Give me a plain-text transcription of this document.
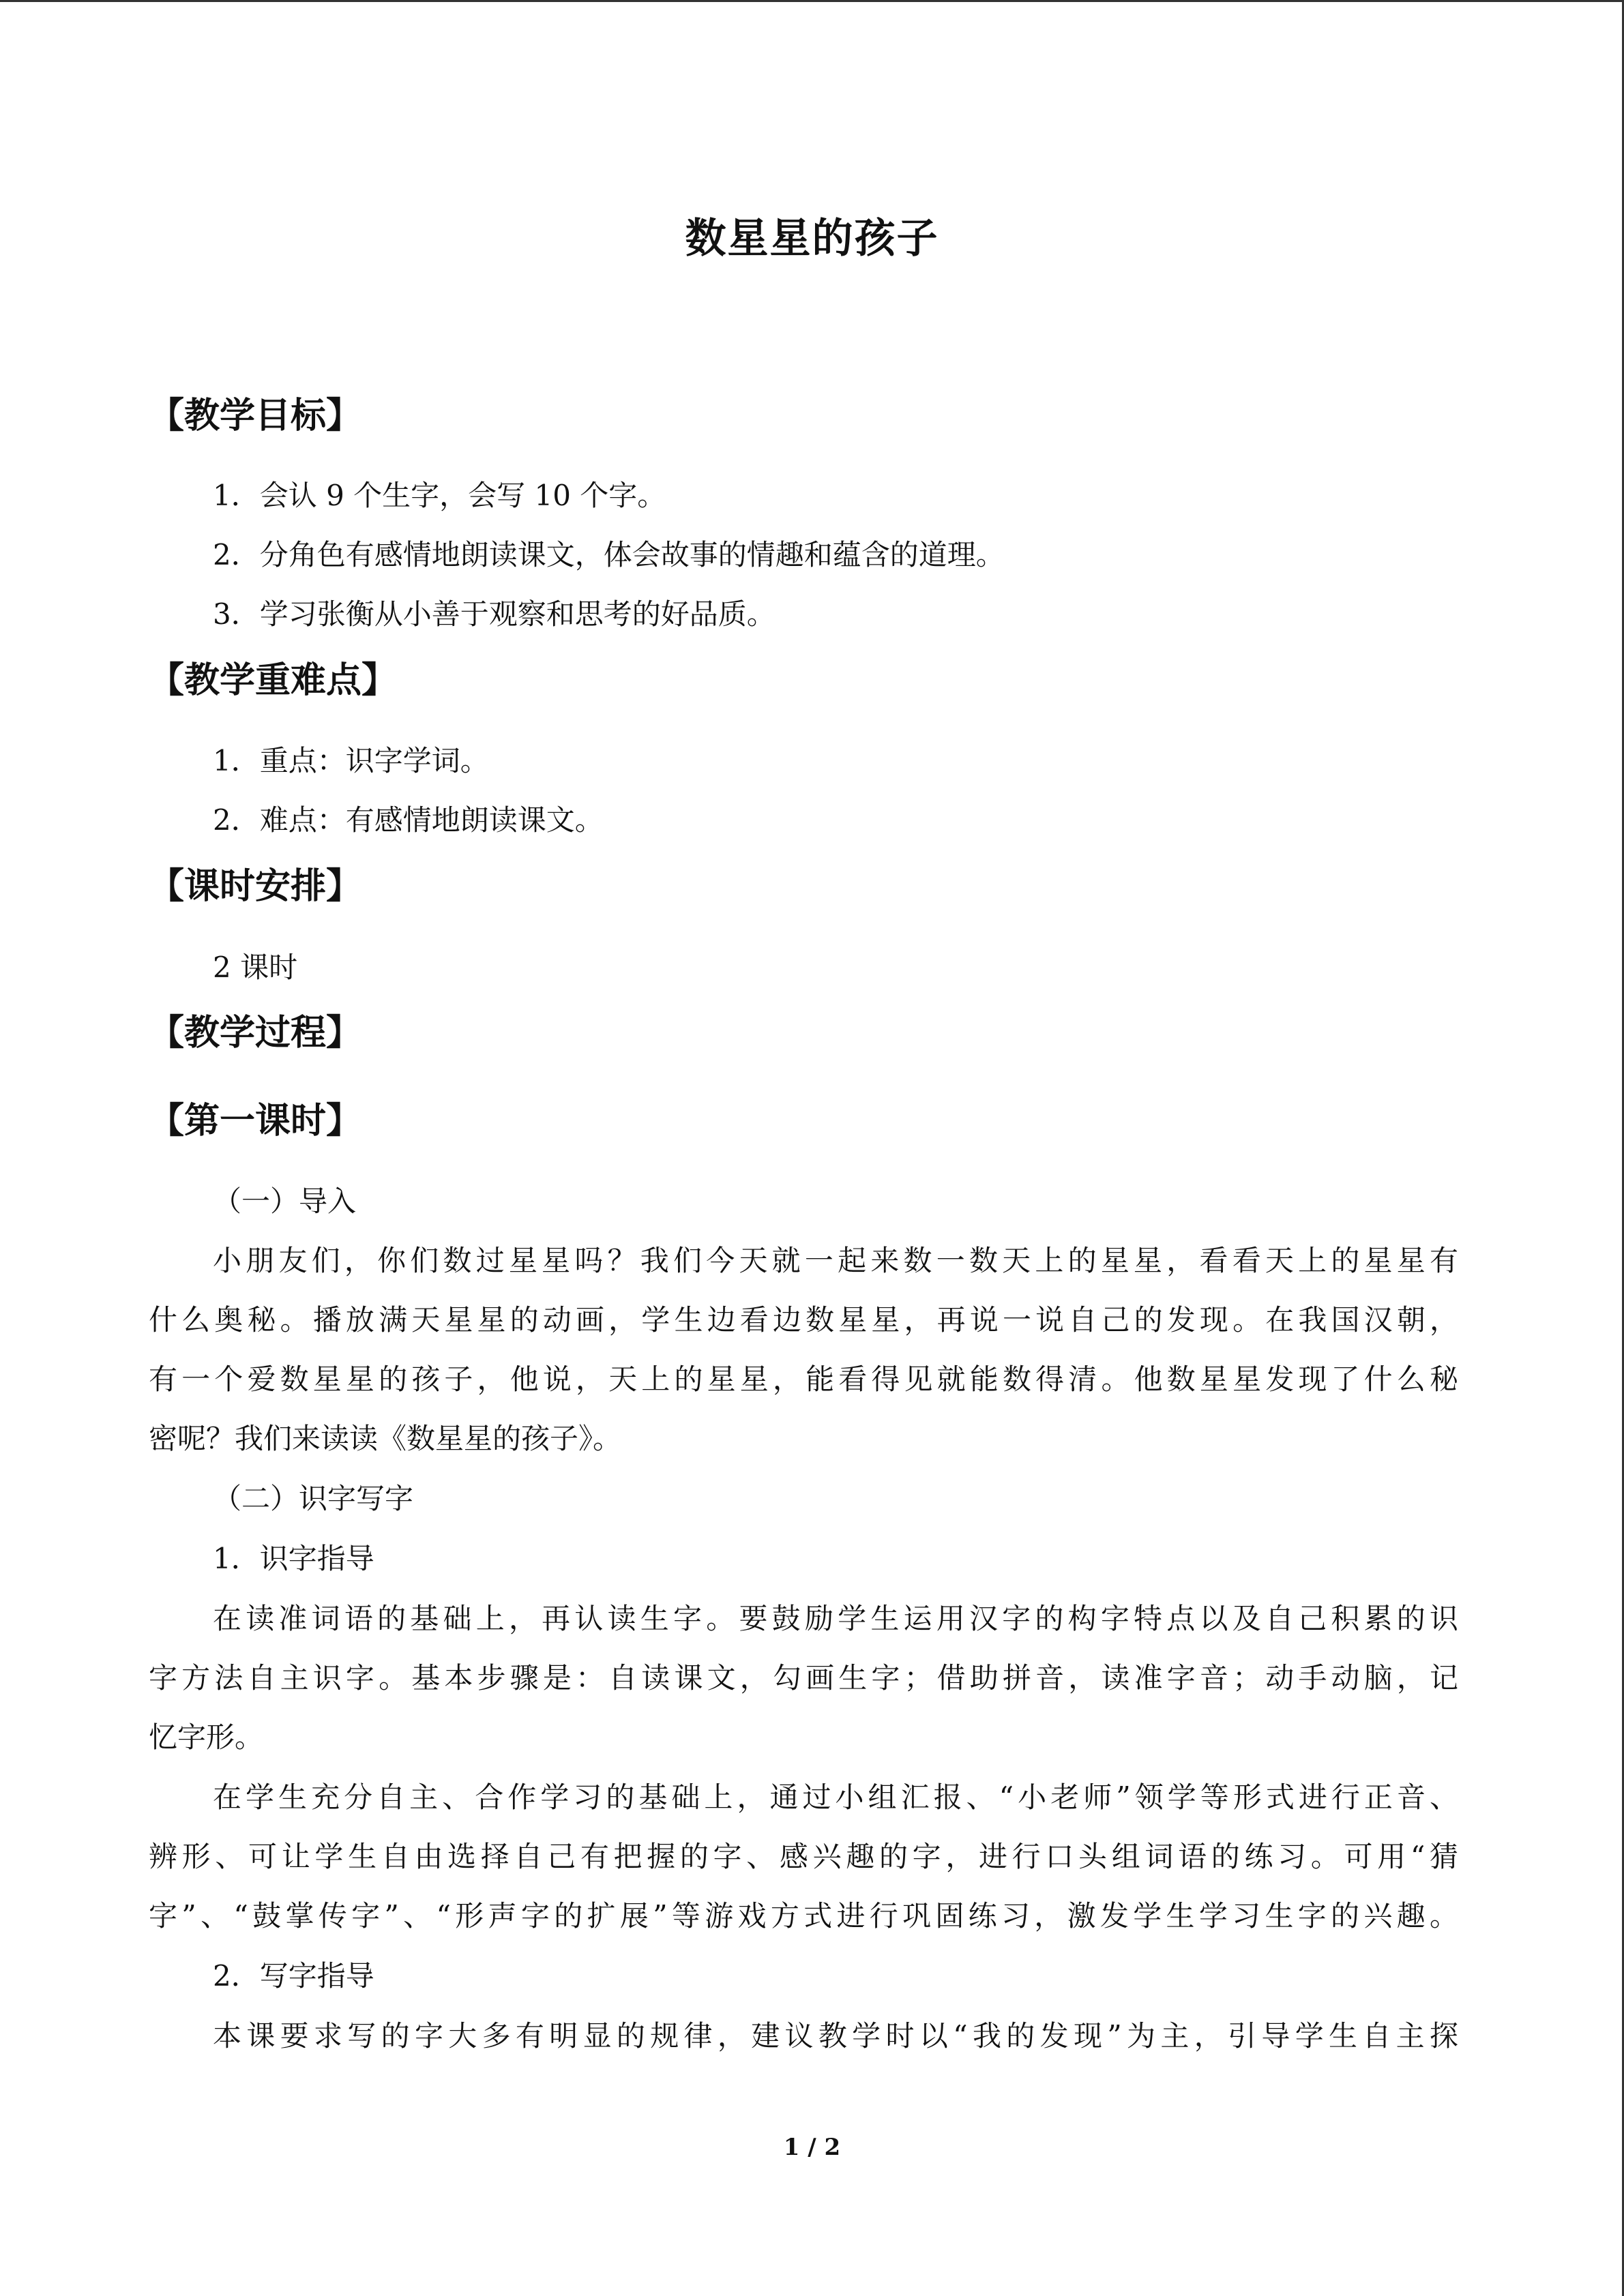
数星星的孩子
【教学目标】
1．会认 9 个生字，会写 10 个字。
2．分角色有感情地朗读课文，体会故事的情趣和蕴含的道理。
3．学习张衡从小善于观察和思考的好品质。
【教学重难点】
1．重点：识字学词。
2．难点：有感情地朗读课文。
【课时安排】
2 课时
【教学过程】
【第一课时】
（一）导入
小朋友们，你们数过星星吗？我们今天就一起来数一数天上的星星，看看天上的星星有
什么奥秘。播放满天星星的动画，学生边看边数星星，再说一说自己的发现。在我国汉朝，
有一个爱数星星的孩子，他说，天上的星星，能看得见就能数得清。他数星星发现了什么秘
密呢？我们来读读《数星星的孩子》。
（二）识字写字
1．识字指导
在读准词语的基础上，再认读生字。要鼓励学生运用汉字的构字特点以及自己积累的识
字方法自主识字。基本步骤是：自读课文，勾画生字；借助拼音，读准字音；动手动脑，记
忆字形。
在学生充分自主、合作学习的基础上，通过小组汇报、“小老师”领学等形式进行正音、
辨形、可让学生自由选择自己有把握的字、感兴趣的字，进行口头组词语的练习。可用“猜
字”、“鼓掌传字”、“形声字的扩展”等游戏方式进行巩固练习，激发学生学习生字的兴趣。
2．写字指导
本课要求写的字大多有明显的规律，建议教学时以“我的发现”为主，引导学生自主探
1 / 2
